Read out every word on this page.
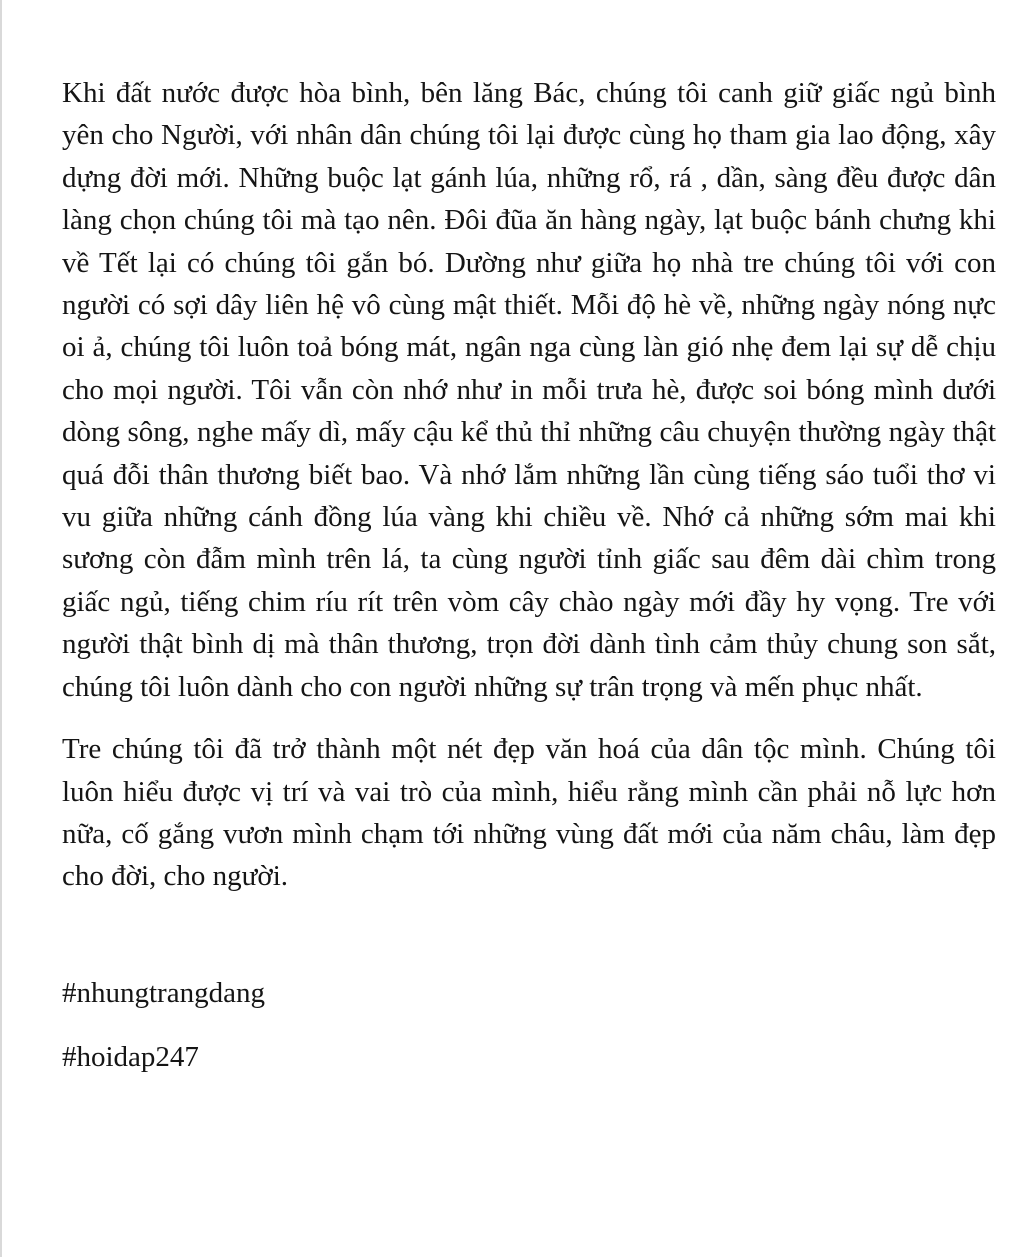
Khi đất nước được hòa bình, bên lăng Bác, chúng tôi canh giữ giấc ngủ bình yên cho Người, với nhân dân chúng tôi lại được cùng họ tham gia lao động, xây dựng đời mới. Những buộc lạt gánh lúa, những rổ, rá , dần, sàng đều được dân làng chọn chúng tôi mà tạo nên. Đôi đũa ăn hàng ngày, lạt buộc bánh chưng khi về Tết lại có chúng tôi gắn bó. Dường như giữa họ nhà tre chúng tôi với con người có sợi dây liên hệ vô cùng mật thiết. Mỗi độ hè về, những ngày nóng nực oi ả, chúng tôi luôn toả bóng mát, ngân nga cùng làn gió nhẹ đem lại sự dễ chịu cho mọi người. Tôi vẫn còn nhớ như in mỗi trưa hè, được soi bóng mình dưới dòng sông, nghe mấy dì, mấy cậu kể thủ thỉ những câu chuyện thường ngày thật quá đỗi thân thương biết bao. Và nhớ lắm những lần cùng tiếng sáo tuổi thơ vi vu giữa những cánh đồng lúa vàng khi chiều về. Nhớ cả những sớm mai khi sương còn đẫm mình trên lá, ta cùng người tỉnh giấc sau đêm dài chìm trong giấc ngủ, tiếng chim ríu rít trên vòm cây chào ngày mới đầy hy vọng. Tre với người thật bình dị mà thân thương, trọn đời dành tình cảm thủy chung son sắt, chúng tôi luôn dành cho con người những sự trân trọng và mến phục nhất.

Tre chúng tôi đã trở thành một nét đẹp văn hoá của dân tộc mình. Chúng tôi luôn hiểu được vị trí và vai trò của mình, hiểu rằng mình cần phải nỗ lực hơn nữa, cố gắng vươn mình chạm tới những vùng đất mới của năm châu, làm đẹp cho đời, cho người.

#nhungtrangdang

#hoidap247
